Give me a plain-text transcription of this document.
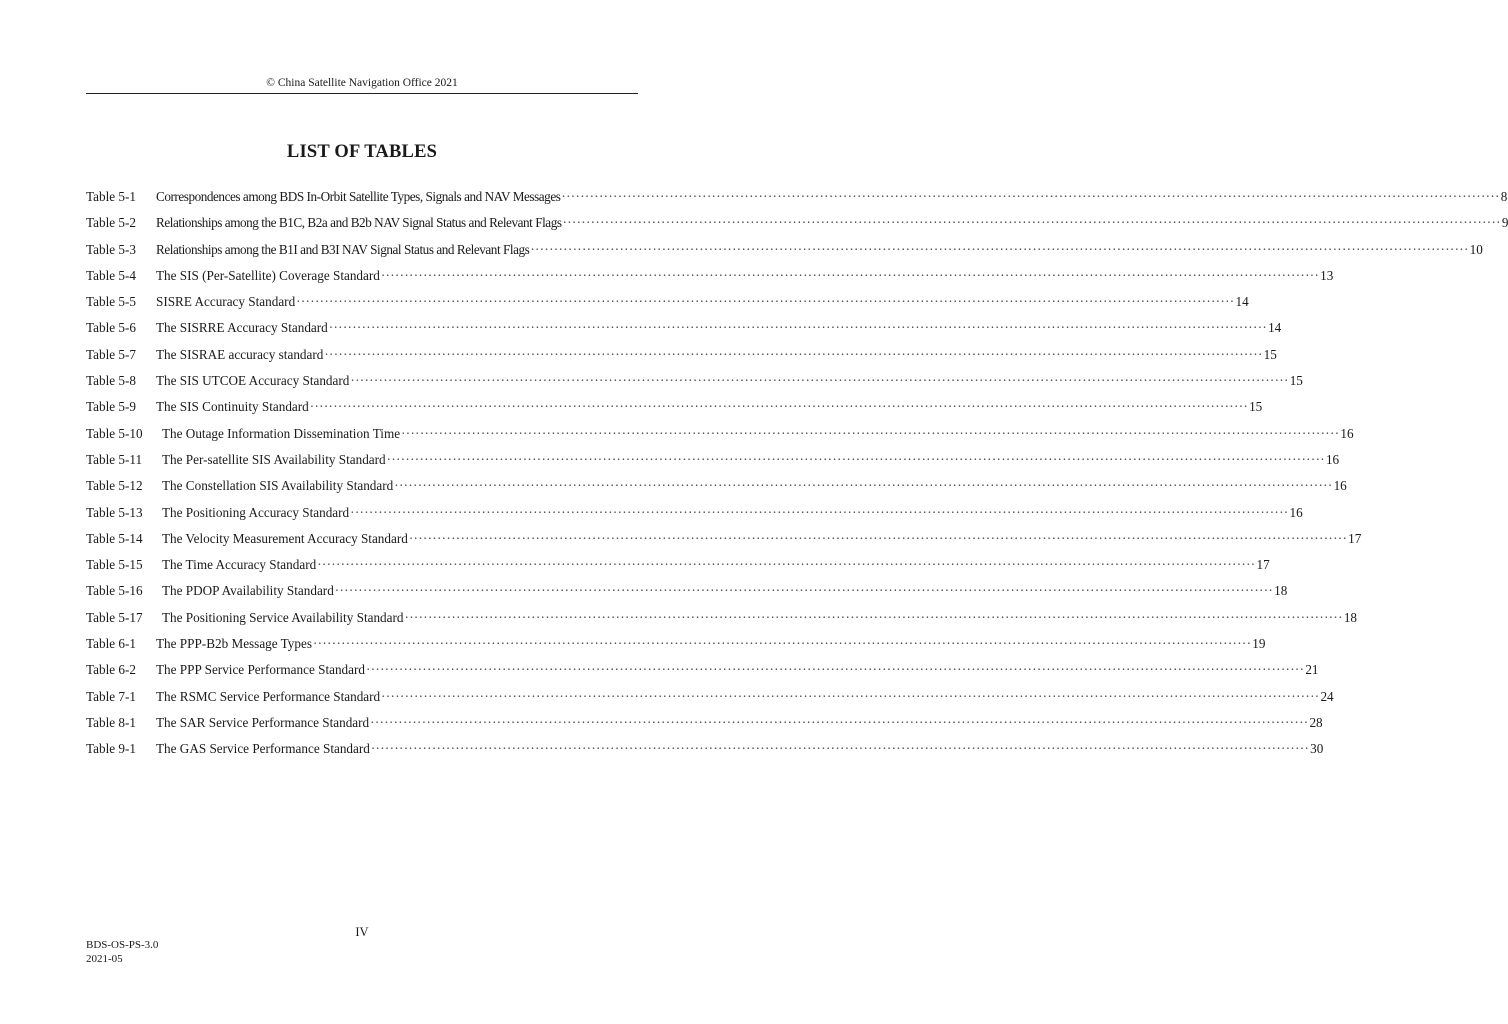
© China Satellite Navigation Office 2021
LIST OF TABLES
Table 5-1	Correspondences among BDS In-Orbit Satellite Types, Signals and NAV Messages ········································································································································································································ 8
Table 5-2	Relationships among the B1C, B2a and B2b NAV Signal Status and Relevant Flags ········································································································································································································ 9
Table 5-3	Relationships among the B1I and B3I NAV Signal Status and Relevant Flags ········································································································································································································ 10
Table 5-4	The SIS (Per-Satellite) Coverage Standard ········································································································································································································ 13
Table 5-5	SISRE Accuracy Standard ········································································································································································································ 14
Table 5-6	The SISRRE Accuracy Standard ········································································································································································································ 14
Table 5-7	The SISRAE accuracy standard ········································································································································································································ 15
Table 5-8	The SIS UTCOE Accuracy Standard ········································································································································································································ 15
Table 5-9	The SIS Continuity Standard ········································································································································································································ 15
Table 5-10	The Outage Information Dissemination Time ········································································································································································································ 16
Table 5-11	The Per-satellite SIS Availability Standard ········································································································································································································ 16
Table 5-12	The Constellation SIS Availability Standard ········································································································································································································ 16
Table 5-13	The Positioning Accuracy Standard ········································································································································································································ 16
Table 5-14	The Velocity Measurement Accuracy Standard ········································································································································································································ 17
Table 5-15	The Time Accuracy Standard ········································································································································································································ 17
Table 5-16	The PDOP Availability Standard ········································································································································································································ 18
Table 5-17	The Positioning Service Availability Standard ········································································································································································································ 18
Table 6-1	The PPP-B2b Message Types ········································································································································································································ 19
Table 6-2	The PPP Service Performance Standard ········································································································································································································ 21
Table 7-1	The RSMC Service Performance Standard ········································································································································································································ 24
Table 8-1	The SAR Service Performance Standard ········································································································································································································ 28
Table 9-1	The GAS Service Performance Standard ········································································································································································································ 30
IV
BDS-OS-PS-3.0
2021-05
